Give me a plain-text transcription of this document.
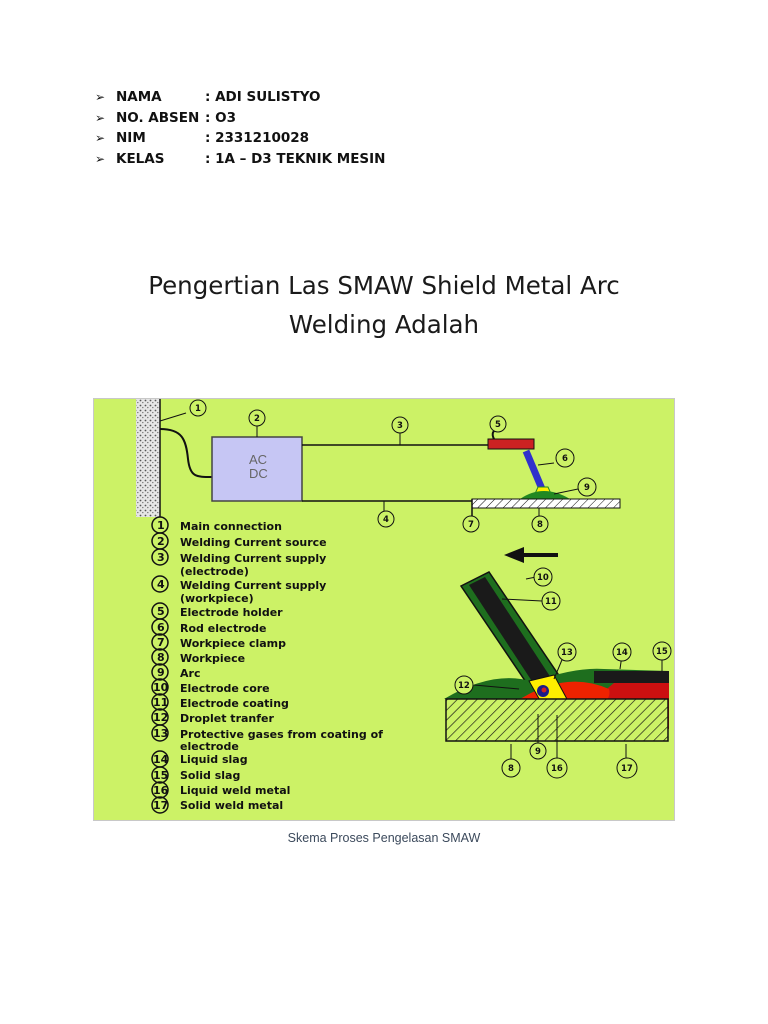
➢ NAMA	: ADI SULISTYO
➢ NO. ABSEN : O3
➢ NIM	: 2331210028
➢ KELAS	: 1A – D3 TEKNIK MESIN
Pengertian Las SMAW Shield Metal Arc
Welding Adalah
AC
DC
1 Main connection
2 Welding Current source
3 Welding Current supply
(electrode)
4 Welding Current supply
(workpiece)
5 Electrode holder
6 Rod electrode
7 Workpiece clamp
8 Workpiece
9 Arc
10 Electrode core
11 Electrode coating
12 Droplet tranfer
13 Protective gases from coating of
electrode
14 Liquid slag
15 Solid slag
16 Liquid weld metal
17 Solid weld metal
1
2
3
4
5
6
7	8
9
10
11
12
13	14	15
8
9
16	17
Skema Proses Pengelasan SMAW
